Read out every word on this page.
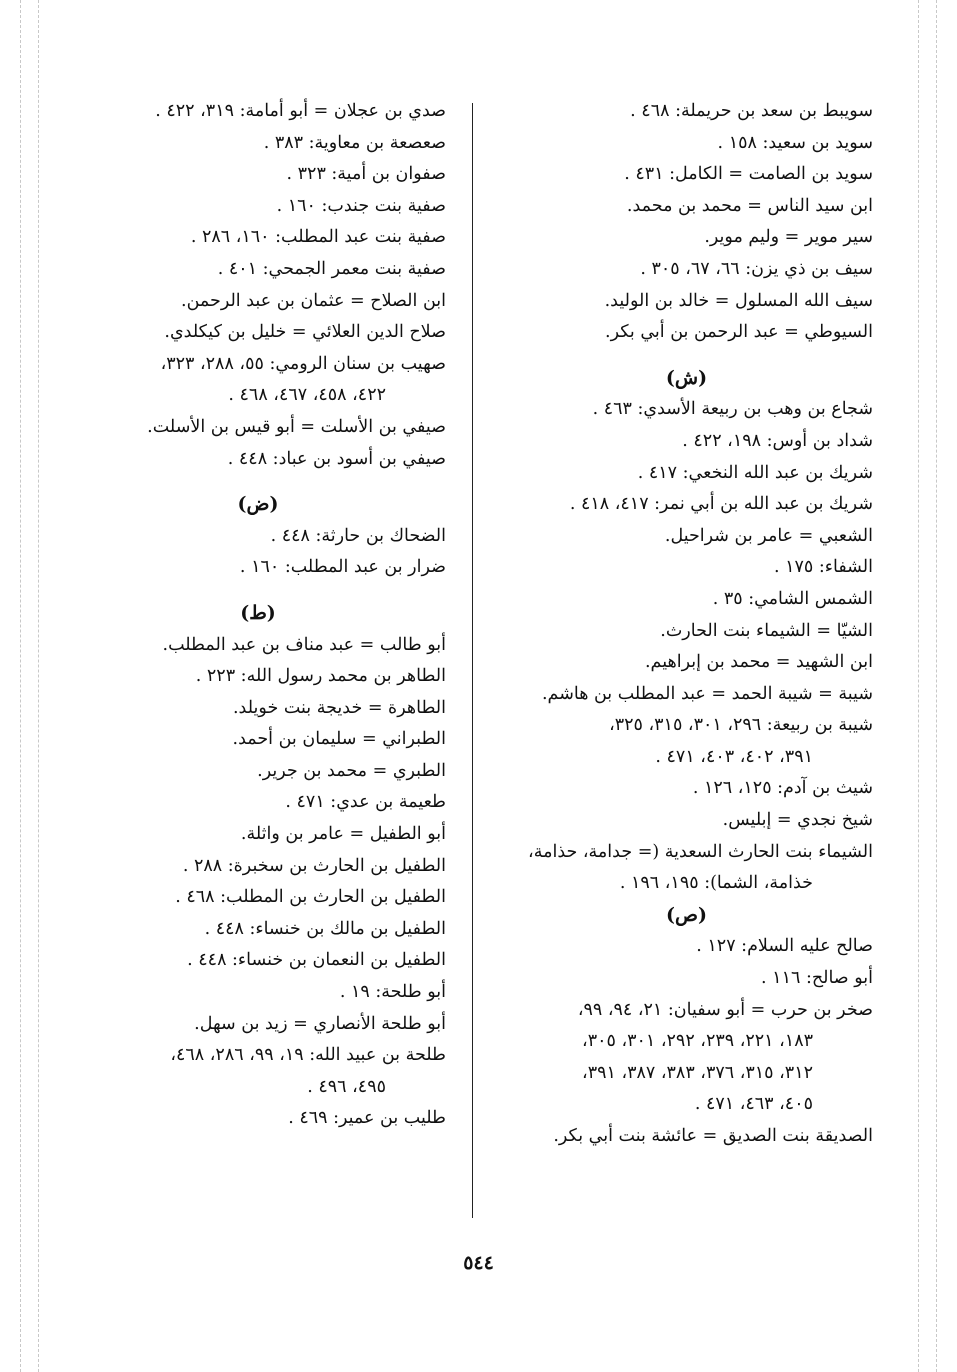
سويبط بن سعد بن حريملة: ٤٦٨ .
سويد بن سعيد: ١٥٨ .
سويد بن الصامت = الكامل: ٤٣١ .
ابن سيد الناس = محمد بن محمد.
سير موير = وليم موير.
سيف بن ذي يزن: ٦٦، ٦٧، ٣٠٥ .
سيف الله المسلول = خالد بن الوليد.
السيوطي = عبد الرحمن بن أبي بكر.
(ش)
شجاع بن وهب بن ربيعة الأسدي: ٤٦٣ .
شداد بن أوس: ١٩٨، ٤٢٢ .
شريك بن عبد الله النخعي: ٤١٧ .
شريك بن عبد الله بن أبي نمر: ٤١٧، ٤١٨ .
الشعبي = عامر بن شراحيل.
الشفاء: ١٧٥ .
الشمس الشامي: ٣٥ .
الشيّا = الشيماء بنت الحارث.
ابن الشهيد = محمد بن إبراهيم.
شيبة = شيبة الحمد = عبد المطلب بن هاشم.
شيبة بن ربيعة: ٢٩٦، ٣٠١، ٣١٥، ٣٢٥،
٣٩١، ٤٠٢، ٤٠٣، ٤٧١ .
شيث بن آدم: ١٢٥، ١٢٦ .
شيخ نجدي = إبليس.
الشيماء بنت الحارث السعدية (= جدامة، حذامة،
خذامة، الشما): ١٩٥، ١٩٦ .
(ص)
صالح عليه السلام: ١٢٧ .
أبو صالح: ١١٦ .
صخر بن حرب = أبو سفيان: ٢١، ٩٤، ٩٩،
١٨٣، ٢٢١، ٢٣٩، ٢٩٢، ٣٠١، ٣٠٥،
٣١٢، ٣١٥، ٣٧٦، ٣٨٣، ٣٨٧، ٣٩١،
٤٠٥، ٤٦٣، ٤٧١ .
الصديقة بنت الصديق = عائشة بنت أبي بكر.
صدي بن عجلان = أبو أمامة: ٣١٩، ٤٢٢ .
صعصعة بن معاوية: ٣٨٣ .
صفوان بن أمية: ٣٢٣ .
صفية بنت جندب: ١٦٠ .
صفية بنت عبد المطلب: ١٦٠، ٢٨٦ .
صفية بنت معمر الجمحي: ٤٠١ .
ابن الصلاح = عثمان بن عبد الرحمن.
صلاح الدين العلائي = خليل بن كيكلدي.
صهيب بن سنان الرومي: ٥٥، ٢٨٨، ٣٢٣،
٤٢٢، ٤٥٨، ٤٦٧، ٤٦٨ .
صيفي بن الأسلت = أبو قيس بن الأسلت.
صيفي بن أسود بن عباد: ٤٤٨ .
(ض)
الضحاك بن حارثة: ٤٤٨ .
ضرار بن عبد المطلب: ١٦٠ .
(ط)
أبو طالب = عبد مناف بن عبد المطلب.
الطاهر بن محمد رسول الله: ٢٢٣ .
الطاهرة = خديجة بنت خويلد.
الطبراني = سليمان بن أحمد.
الطبري = محمد بن جرير.
طعيمة بن عدي: ٤٧١ .
أبو الطفيل = عامر بن واثلة.
الطفيل بن الحارث بن سخبرة: ٢٨٨ .
الطفيل بن الحارث بن المطلب: ٤٦٨ .
الطفيل بن مالك بن خنساء: ٤٤٨ .
الطفيل بن النعمان بن خنساء: ٤٤٨ .
أبو طلحة: ١٩ .
أبو طلحة الأنصاري = زيد بن سهل.
طلحة بن عبيد الله: ١٩، ٩٩، ٢٨٦، ٤٦٨،
٤٩٥، ٤٩٦ .
طليب بن عمير: ٤٦٩ .
٥٤٤
